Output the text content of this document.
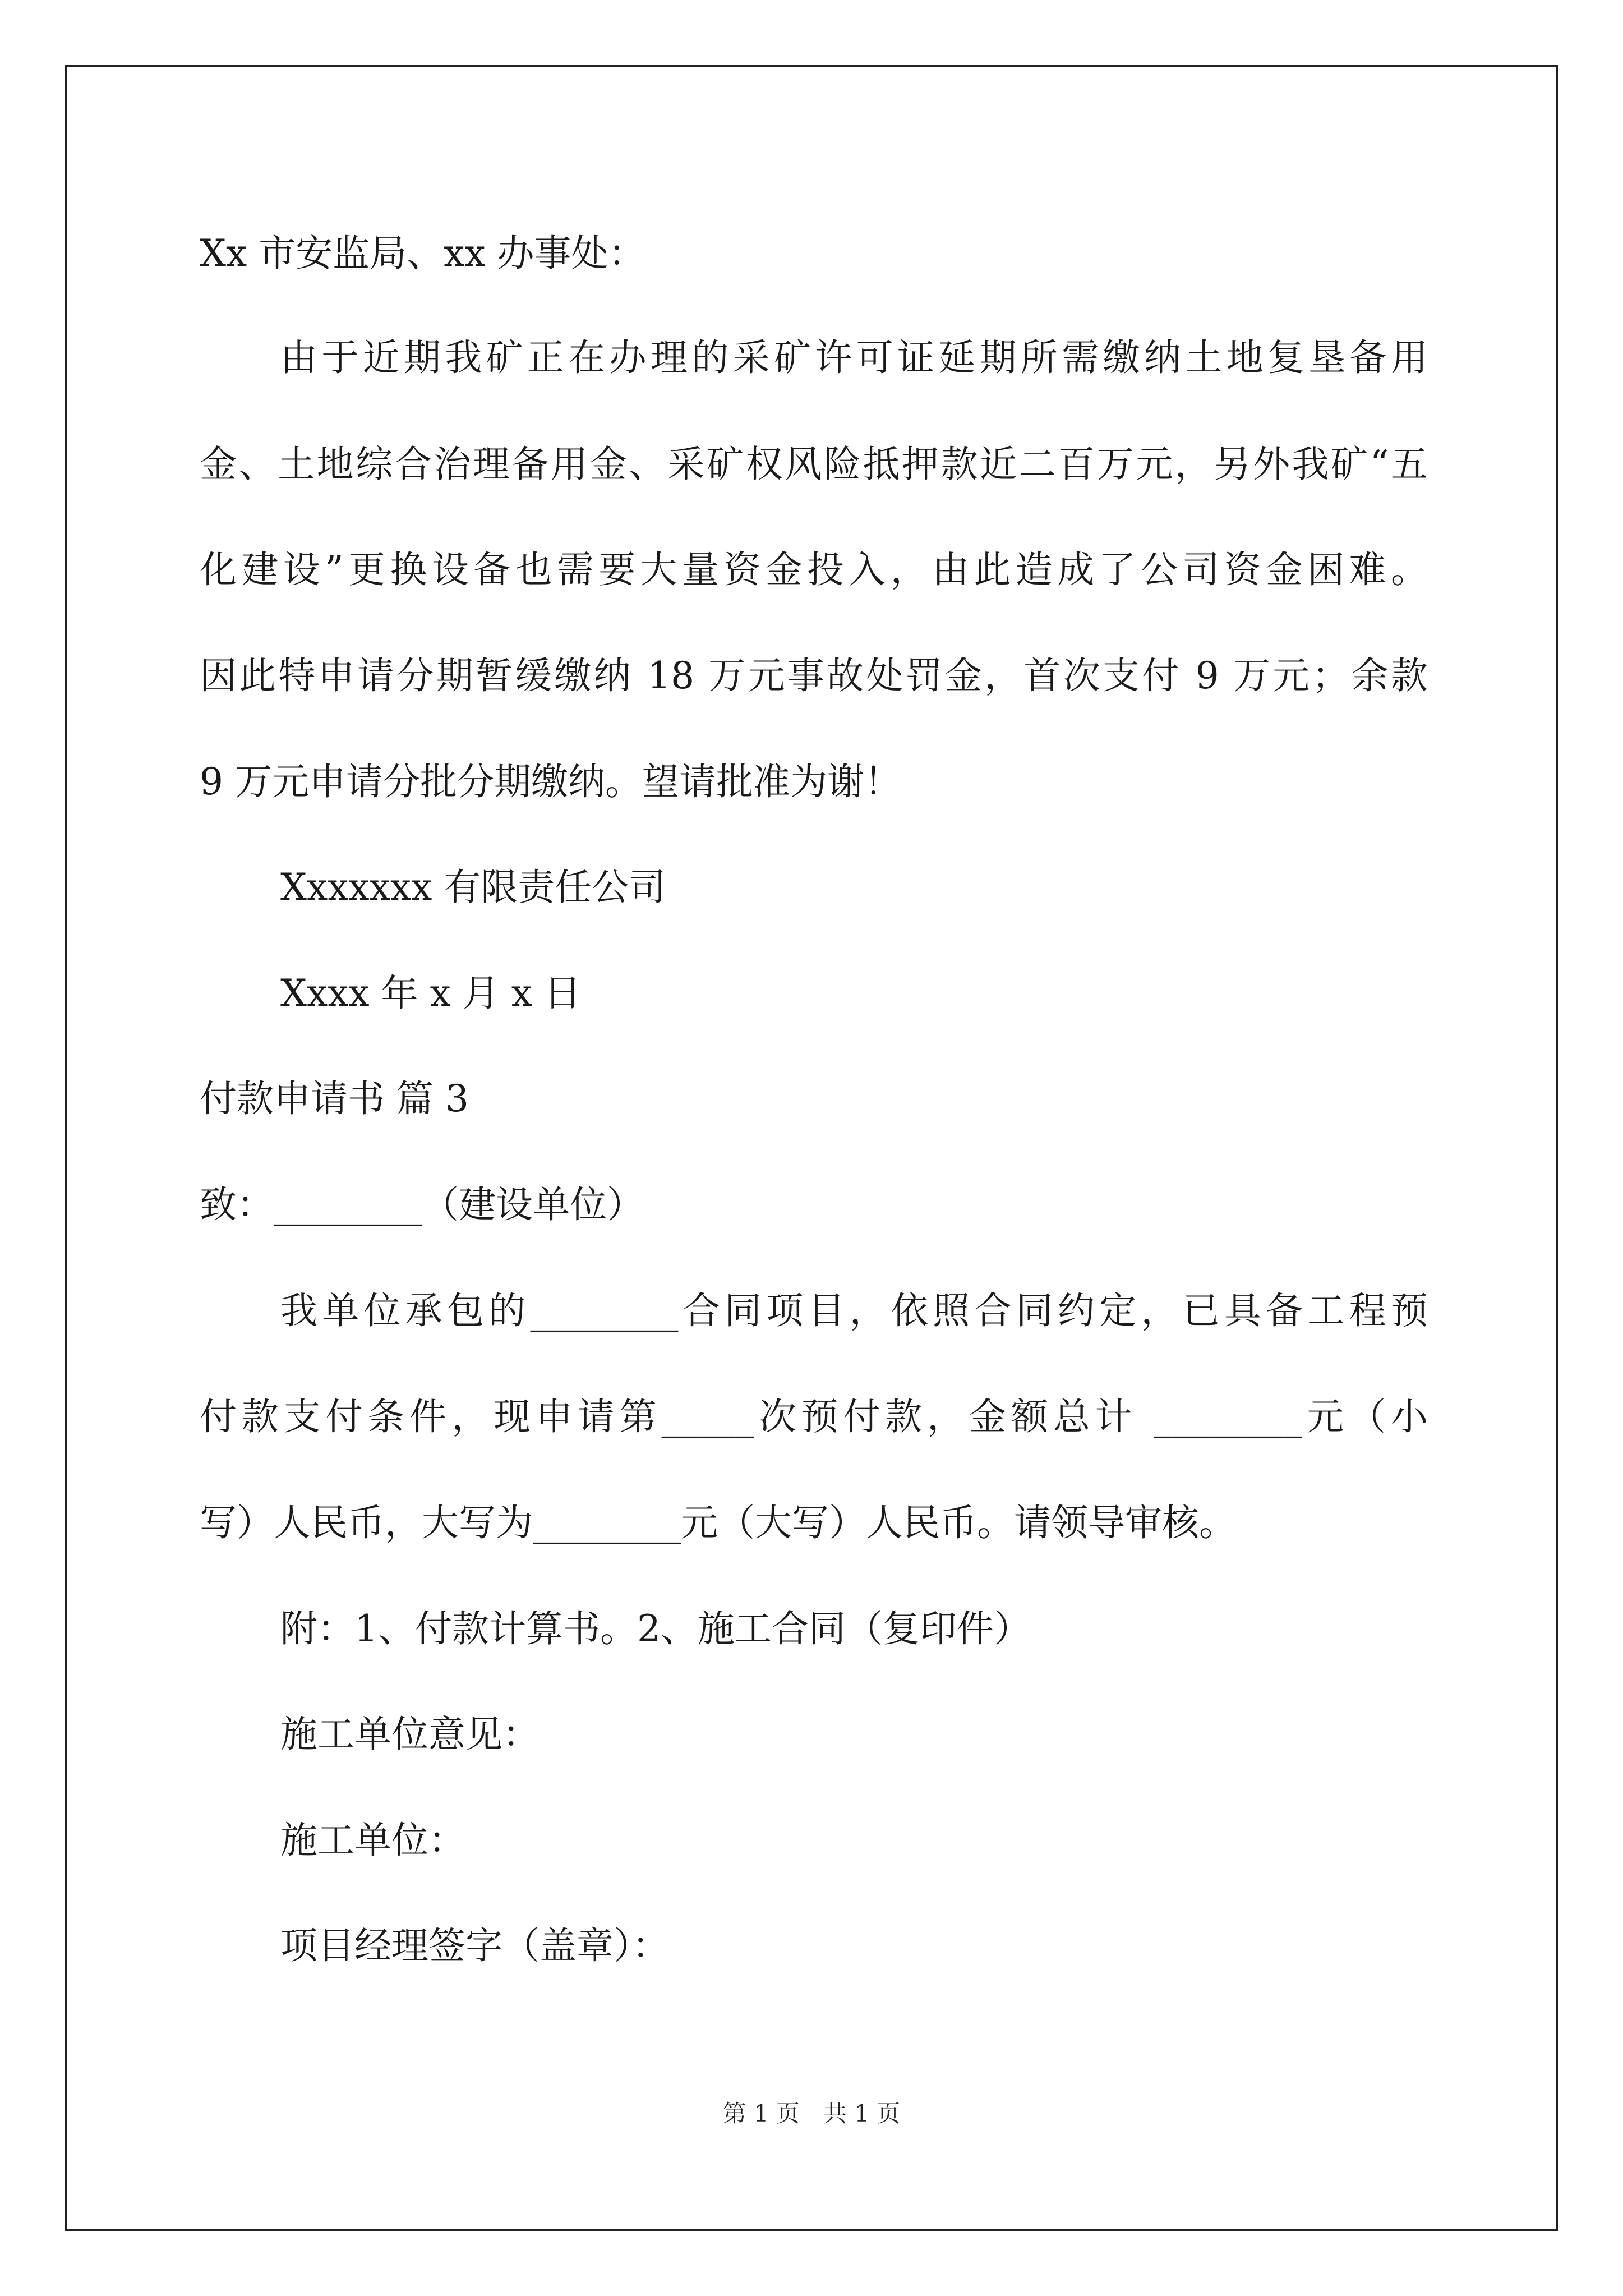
Xx 市安监局、xx 办事处：
由于近期我矿正在办理的采矿许可证延期所需缴纳土地复垦备用
金、土地综合治理备用金、采矿权风险抵押款近二百万元，另外我矿“五
化建设”更换设备也需要大量资金投入，由此造成了公司资金困难。
因此特申请分期暂缓缴纳 18 万元事故处罚金，首次支付 9 万元；余款
9 万元申请分批分期缴纳。望请批准为谢！
Xxxxxxx 有限责任公司
Xxxx 年 x 月 x 日
付款申请书 篇 3
致：________（建设单位）
我单位承包的________合同项目，依照合同约定，已具备工程预
付款支付条件，现申请第_____次预付款，金额总计 ________元（小
写）人民币，大写为________元（大写）人民币。请领导审核。
附：1、付款计算书。2、施工合同（复印件）
施工单位意见：
施工单位：
项目经理签字（盖章）：
第 1 页　共 1 页
